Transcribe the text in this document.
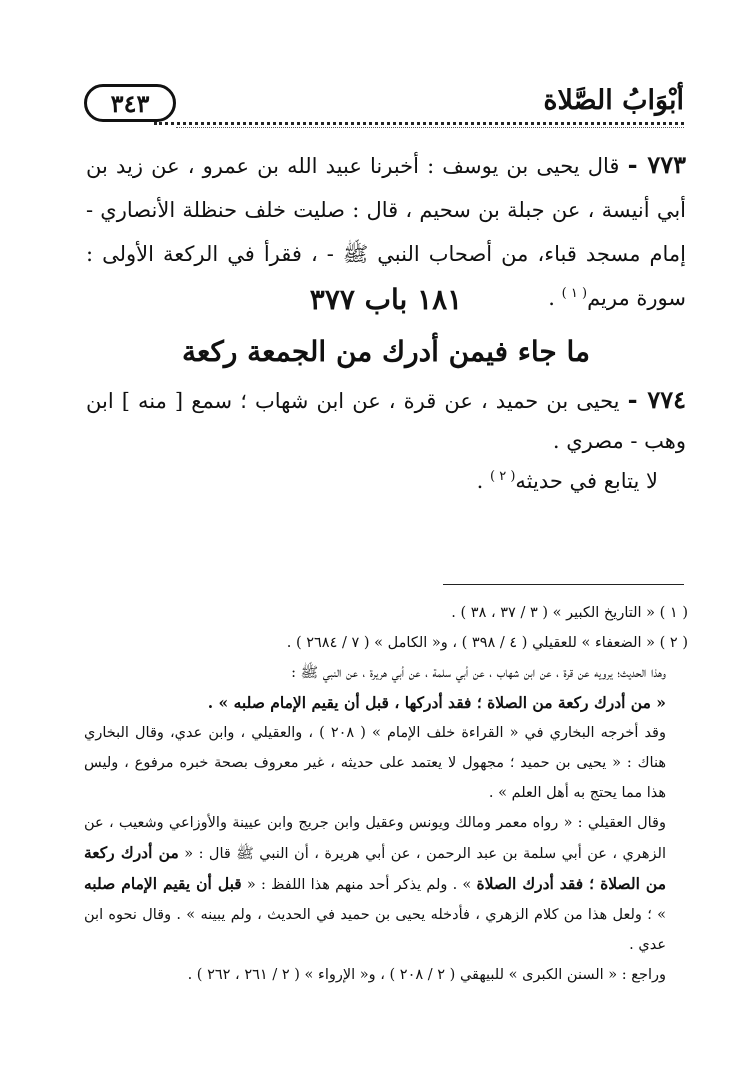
٣٤٣	أبْوَابُ الصَّلاة

٧٧٣ - قال يحيى بن يوسف : أخبرنا عبيد الله بن عمرو ، عن زيد بن أبي أنيسة ، عن جبلة بن سحيم ، قال : صليت خلف حنظلة الأنصاري - إمام مسجد قباء، من أصحاب النبي ﷺ - ، فقرأ في الركعة الأولى : سورة مريم$^{( ١ )}$ .

١٨١ باب ٣٧٧
ما جاء فيمن أدرك من الجمعة ركعة

٧٧٤ - يحيى بن حميد ، عن قرة ، عن ابن شهاب ؛ سمع [ منه ] ابن وهب - مصري .

لا يتابع في حديثه$^{( ٢ )}$ .

( ١ ) « التاريخ الكبير » ( ٣ / ٣٧ ، ٣٨ ) .

( ٢ ) « الضعفاء » للعقيلي ( ٤ / ٣٩٨ ) ، و« الكامل » ( ٧ / ٢٦٨٤ ) .

وهذا الحديث؛ يرويه عن قرة ، عن ابن شهاب ، عن أبي سلمة ، عن أبي هريرة ، عن النبي ﷺ :

« من أدرك ركعة من الصلاة ؛ فقد أدركها ، قبل أن يقيم الإمام صلبه » .

وقد أخرجه البخاري في « القراءة خلف الإمام » ( ٢٠٨ ) ، والعقيلي ، وابن عدي، وقال البخاري هناك : « يحيى بن حميد ؛ مجهول لا يعتمد على حديثه ، غير معروف بصحة خبره مرفوع ، وليس هذا مما يحتج به أهل العلم » .

وقال العقيلي : « رواه معمر ومالك ويونس وعقيل وابن جريج وابن عيينة والأوزاعي وشعيب ، عن الزهري ، عن أبي سلمة بن عبد الرحمن ، عن أبي هريرة ، أن النبي ﷺ قال : « من أدرك ركعة من الصلاة ؛ فقد أدرك الصلاة » . ولم يذكر أحد منهم هذا اللفظ : « قبل أن يقيم الإمام صلبه » ؛ ولعل هذا من كلام الزهري ، فأدخله يحيى بن حميد في الحديث ، ولم يبينه » . وقال نحوه ابن عدي .

وراجع : « السنن الكبرى » للبيهقي ( ٢ / ٢٠٨ ) ، و« الإرواء » ( ٢ / ٢٦١ ، ٢٦٢ ) .
